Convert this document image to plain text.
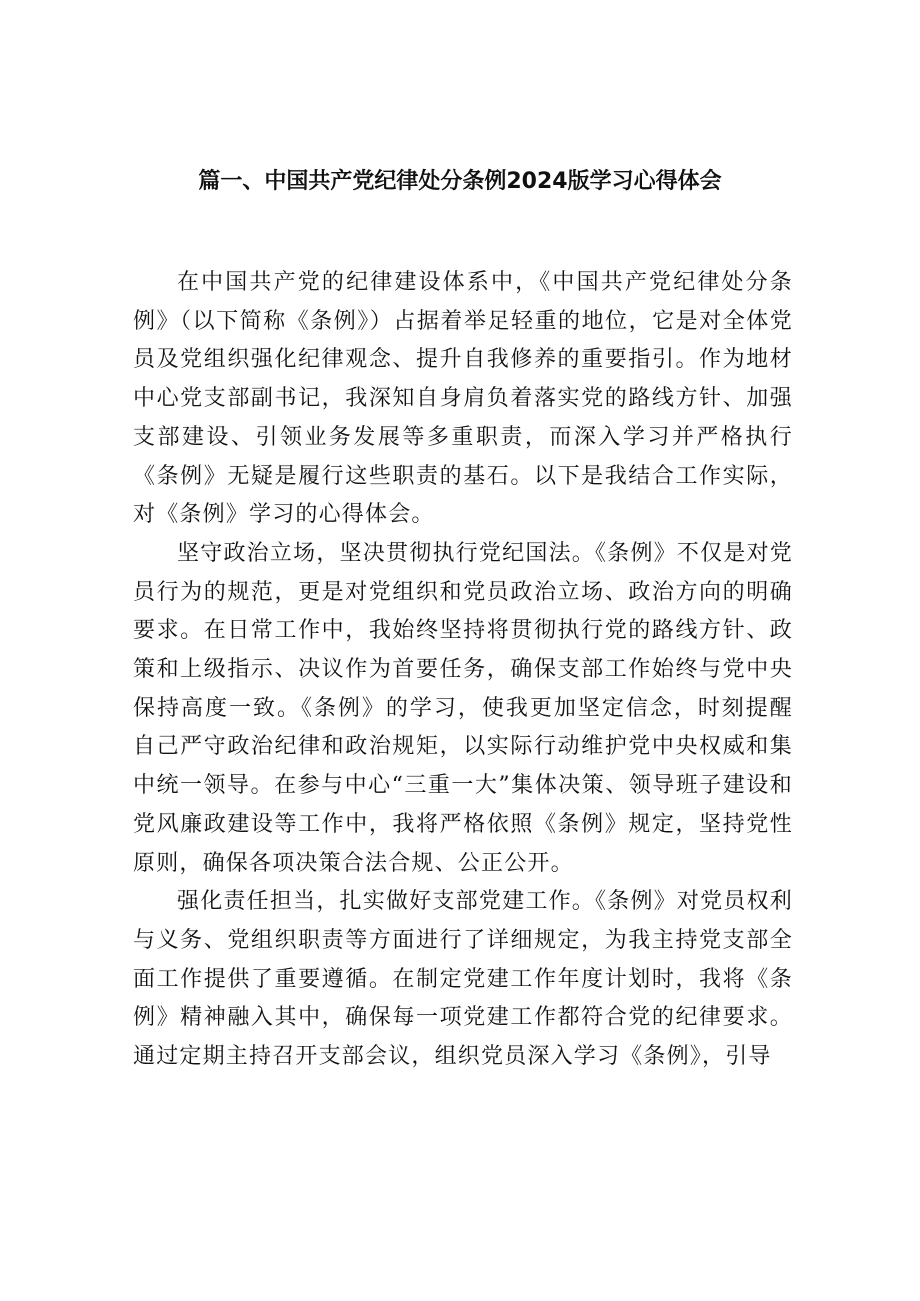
篇一、中国共产党纪律处分条例2024版学习心得体会

在中国共产党的纪律建设体系中，《中国共产党纪律处分条例》（以下简称《条例》）占据着举足轻重的地位，它是对全体党员及党组织强化纪律观念、提升自我修养的重要指引。作为地材中心党支部副书记，我深知自身肩负着落实党的路线方针、加强支部建设、引领业务发展等多重职责，而深入学习并严格执行《条例》无疑是履行这些职责的基石。以下是我结合工作实际，对《条例》学习的心得体会。

坚守政治立场，坚决贯彻执行党纪国法。《条例》不仅是对党员行为的规范，更是对党组织和党员政治立场、政治方向的明确要求。在日常工作中，我始终坚持将贯彻执行党的路线方针、政策和上级指示、决议作为首要任务，确保支部工作始终与党中央保持高度一致。《条例》的学习，使我更加坚定信念，时刻提醒自己严守政治纪律和政治规矩，以实际行动维护党中央权威和集中统一领导。在参与中心“三重一大”集体决策、领导班子建设和党风廉政建设等工作中，我将严格依照《条例》规定，坚持党性原则，确保各项决策合法合规、公正公开。

强化责任担当，扎实做好支部党建工作。《条例》对党员权利与义务、党组织职责等方面进行了详细规定，为我主持党支部全面工作提供了重要遵循。在制定党建工作年度计划时，我将《条例》精神融入其中，确保每一项党建工作都符合党的纪律要求。通过定期主持召开支部会议，组织党员深入学习《条例》，引导
